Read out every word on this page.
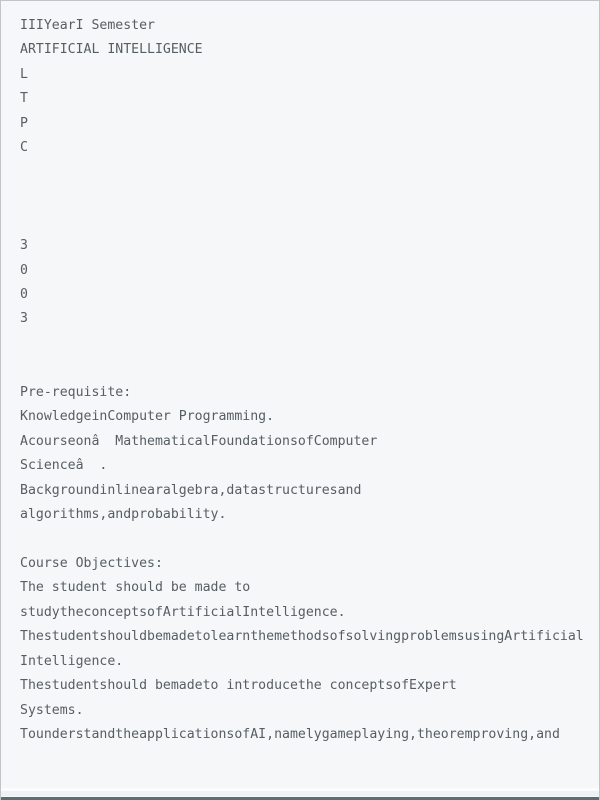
IIIYearI Semester
ARTIFICIAL INTELLIGENCE
L
T
P
C
3
0
0
3
Pre-requisite:
KnowledgeinComputer Programming.
Acourseonâ  MathematicalFoundationsofComputer
Scienceâ  .
Backgroundinlinearalgebra,datastructuresand
algorithms,andprobability.
Course Objectives:
The student should be made to
studytheconceptsofArtificialIntelligence.
ThestudentshouldbemadetolearnthemethodsofsolvingproblemsusingArtificial
Intelligence.
Thestudentshould bemadeto introducethe conceptsofExpert
Systems.
TounderstandtheapplicationsofAI,namelygameplaying,theoremproving,and
